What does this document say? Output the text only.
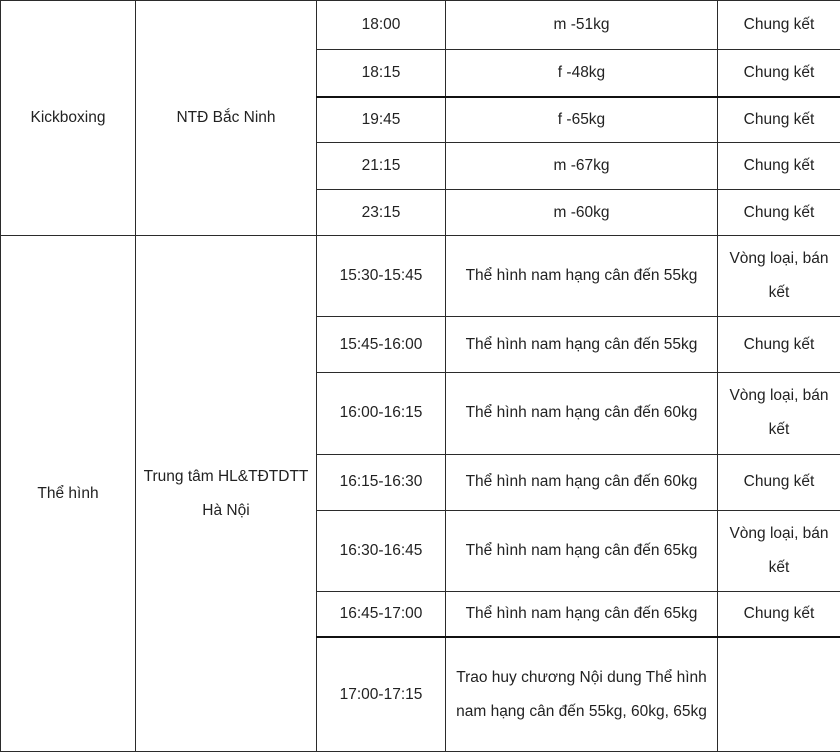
Kickboxing	NTĐ Bắc Ninh	18:00	m -51kg	Chung kết
		18:15	f -48kg	Chung kết
		19:45	f -65kg	Chung kết
		21:15	m -67kg	Chung kết
		23:15	m -60kg	Chung kết
Thể hình	Trung tâm HL&TĐTDTT Hà Nội	15:30-15:45	Thể hình nam hạng cân đến 55kg	Vòng loại, bán kết
		15:45-16:00	Thể hình nam hạng cân đến 55kg	Chung kết
		16:00-16:15	Thể hình nam hạng cân đến 60kg	Vòng loại, bán kết
		16:15-16:30	Thể hình nam hạng cân đến 60kg	Chung kết
		16:30-16:45	Thể hình nam hạng cân đến 65kg	Vòng loại, bán kết
		16:45-17:00	Thể hình nam hạng cân đến 65kg	Chung kết
		17:00-17:15	Trao huy chương Nội dung Thể hình nam hạng cân đến 55kg, 60kg, 65kg	
